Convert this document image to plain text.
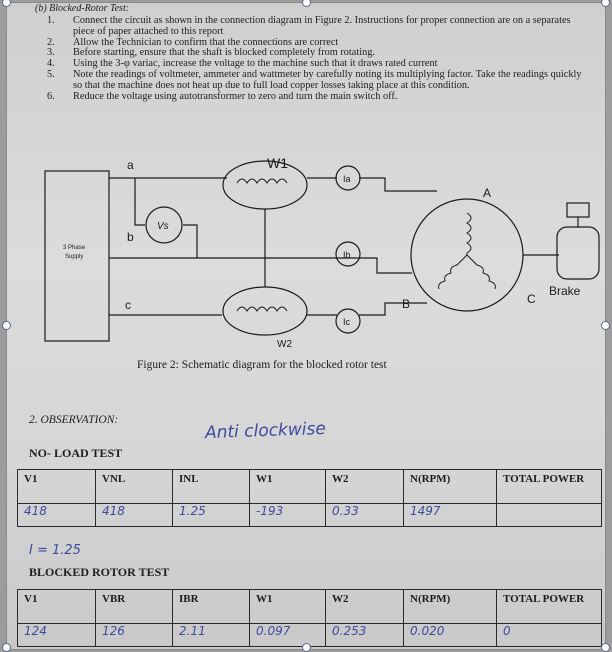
(b) Blocked-Rotor Test:
1. Connect the circuit as shown in the connection diagram in Figure 2. Instructions for proper connection are on a separates piece of paper attached to this report
2. Allow the Technician to confirm that the connections are correct
3. Before starting, ensure that the shaft is blocked completely from rotating.
4. Using the 3-φ variac, increase the voltage to the machine such that it draws rated current
5. Note the readings of voltmeter, ammeter and wattmeter by carefully noting its multiplying factor. Take the readings quickly so that the machine does not heat up due to full load copper losses taking place at this condition.
6. Reduce the voltage using autotransformer to zero and turn the main switch off.
3 Phase
Supply
a
b
c
Vs
W1
W2
Ia
Ib
Ic
A
B	C
Brake
Figure 2: Schematic diagram for the blocked rotor test
2. OBSERVATION:	Anti clockwise
NO- LOAD TEST
V1	VNL	INL	W1	W2	N(RPM)	TOTAL POWER
418	418	1.25	-193	0.33	1497	
I = 1.25
BLOCKED ROTOR TEST
V1	VBR	IBR	W1	W2	N(RPM)	TOTAL POWER
124	126	2.11	0.097	0.253	0.020	0
